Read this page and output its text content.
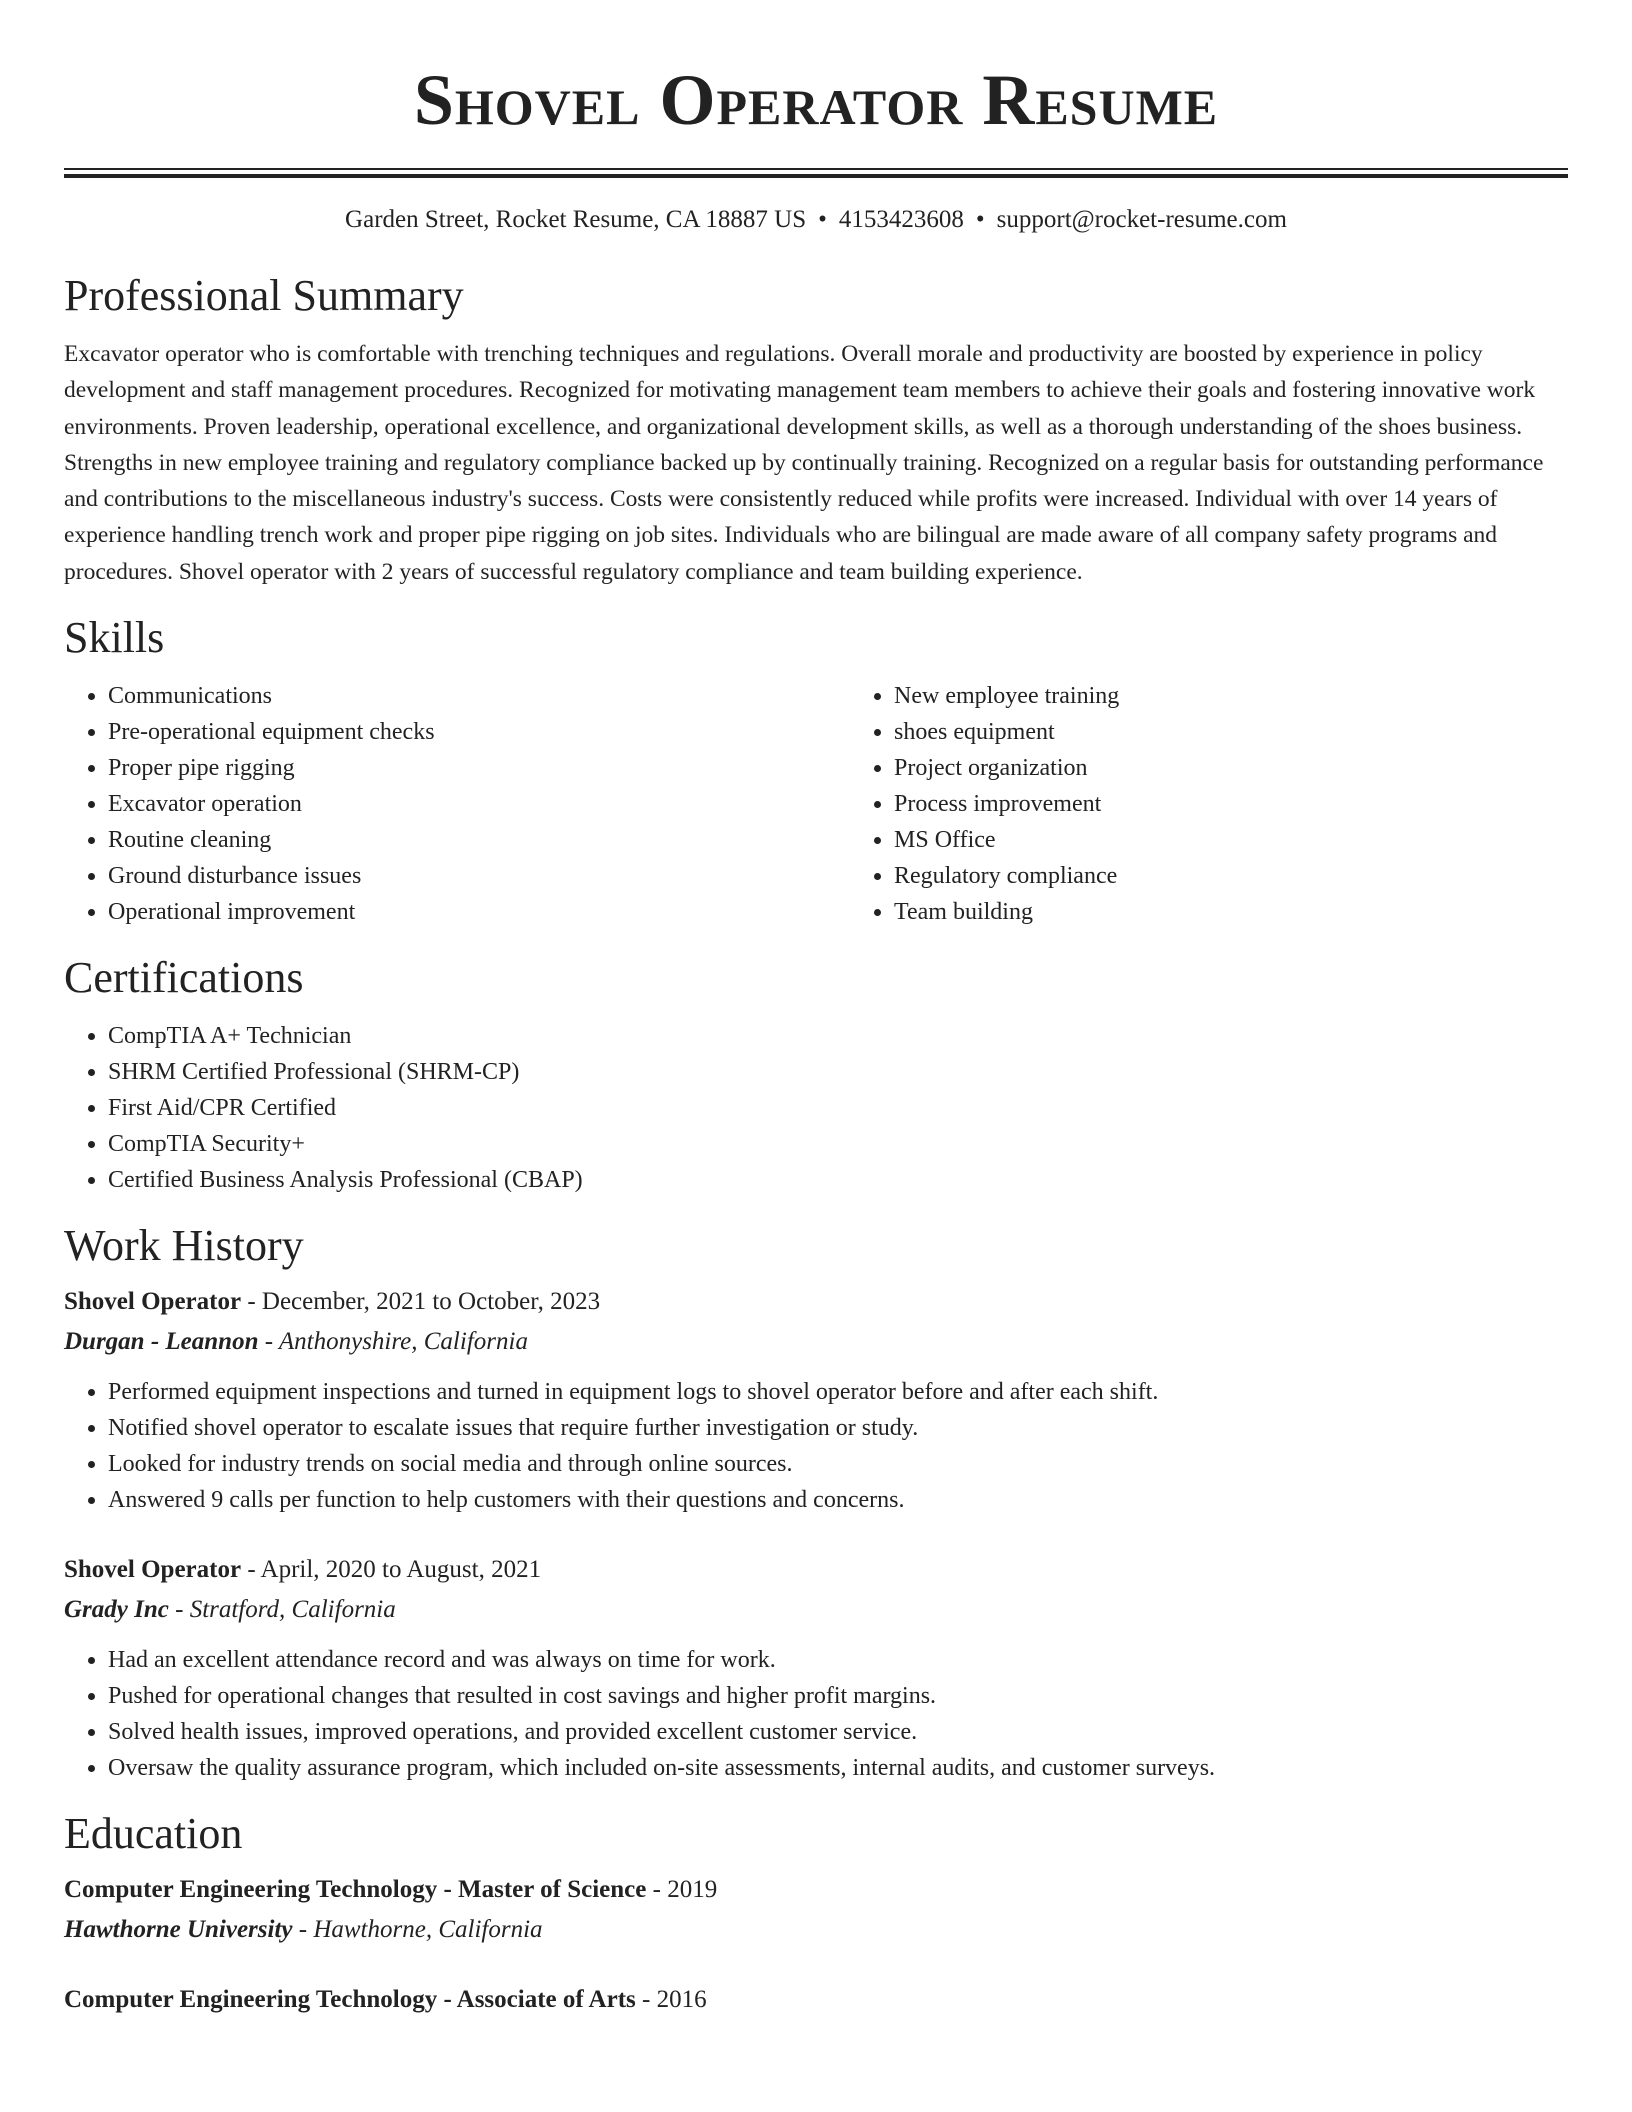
Shovel Operator Resume
Garden Street, Rocket Resume, CA 18887 US • 4153423608 • support@rocket-resume.com
Professional Summary

Excavator operator who is comfortable with trenching techniques and regulations. Overall morale and productivity are boosted by experience in policy development and staff management procedures. Recognized for motivating management team members to achieve their goals and fostering innovative work environments. Proven leadership, operational excellence, and organizational development skills, as well as a thorough understanding of the shoes business. Strengths in new employee training and regulatory compliance backed up by continually training. Recognized on a regular basis for outstanding performance and contributions to the miscellaneous industry's success. Costs were consistently reduced while profits were increased. Individual with over 14 years of experience handling trench work and proper pipe rigging on job sites. Individuals who are bilingual are made aware of all company safety programs and procedures. Shovel operator with 2 years of successful regulatory compliance and team building experience.

Skills
• Communications
• Pre-operational equipment checks
• Proper pipe rigging
• Excavator operation
• Routine cleaning
• Ground disturbance issues
• Operational improvement
• New employee training
• shoes equipment
• Project organization
• Process improvement
• MS Office
• Regulatory compliance
• Team building
Certifications
• CompTIA A+ Technician
• SHRM Certified Professional (SHRM-CP)
• First Aid/CPR Certified
• CompTIA Security+
• Certified Business Analysis Professional (CBAP)
Work History
Shovel Operator - December, 2021 to October, 2023
Durgan - Leannon - Anthonyshire, California
• Performed equipment inspections and turned in equipment logs to shovel operator before and after each shift.
• Notified shovel operator to escalate issues that require further investigation or study.
• Looked for industry trends on social media and through online sources.
• Answered 9 calls per function to help customers with their questions and concerns.
Shovel Operator - April, 2020 to August, 2021
Grady Inc - Stratford, California
• Had an excellent attendance record and was always on time for work.
• Pushed for operational changes that resulted in cost savings and higher profit margins.
• Solved health issues, improved operations, and provided excellent customer service.
• Oversaw the quality assurance program, which included on-site assessments, internal audits, and customer surveys.
Education
Computer Engineering Technology - Master of Science - 2019
Hawthorne University - Hawthorne, California
Computer Engineering Technology - Associate of Arts - 2016
